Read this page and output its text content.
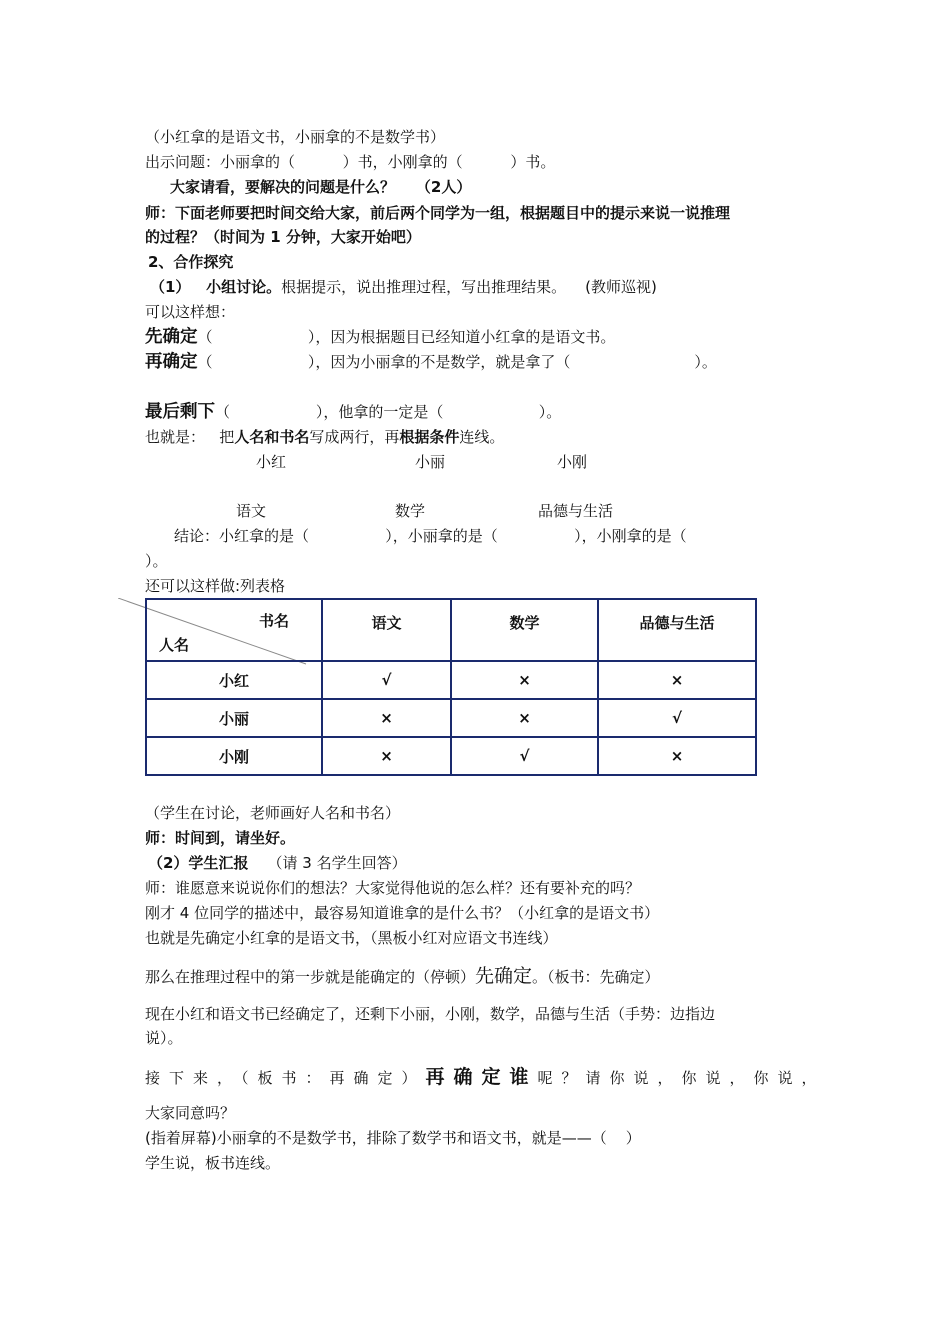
（小红拿的是语文书，小丽拿的不是数学书）
出示问题：小丽拿的（          ）书，小刚拿的（          ）书。
大家请看，要解决的问题是什么？    （2人）
师：下面老师要把时间交给大家，前后两个同学为一组，根据题目中的提示来说一说推理
的过程？（时间为 1 分钟，大家开始吧）
2、合作探究
（1）   小组讨论。根据提示，说出推理过程，写出推理结果。    (教师巡视)
可以这样想：
先确定（                    ），因为根据题目已经知道小红拿的是语文书。
再确定（                    ），因为小丽拿的不是数学，就是拿了（                          ）。
最后剩下（                  ），他拿的一定是（                    ）。
也就是：   把人名和书名写成两行，再根据条件连线。
小红	小丽	小刚
语文	数学	品德与生活
结论：小红拿的是（                ），小丽拿的是（                ），小刚拿的是（
）。
还可以这样做:列表格
书名
人名	语文	数学	品德与生活
小红	√	×	×
小丽	×	×	√
小刚	×	√	×
（学生在讨论，老师画好人名和书名）
师：时间到，请坐好。
（2）学生汇报    （请 3 名学生回答）
师：谁愿意来说说你们的想法？大家觉得他说的怎么样？还有要补充的吗？
刚才 4 位同学的描述中，最容易知道谁拿的是什么书？（小红拿的是语文书）
也就是先确定小红拿的是语文书，（黑板小红对应语文书连线）
那么在推理过程中的第一步就是能确定的（停顿）先确定。（板书：先确定）
现在小红和语文书已经确定了，还剩下小丽，小刚，数学，品德与生活（手势：边指边
说）。
接下来，（板书：再确定）再确定谁呢？请你说，你说，你说，
大家同意吗？
(指着屏幕)小丽拿的不是数学书，排除了数学书和语文书，就是——（    ）
学生说，板书连线。
